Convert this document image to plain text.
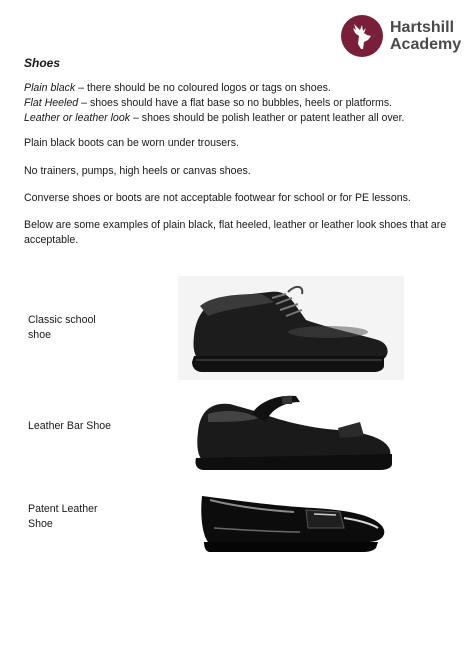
Hartshill
Academy
Shoes
Plain black – there should be no coloured logos or tags on shoes.
Flat Heeled – shoes should have a flat base so no bubbles, heels or platforms.
Leather or leather look – shoes should be polish leather or patent leather all over.
Plain black boots can be worn under trousers.
No trainers, pumps, high heels or canvas shoes.
Converse shoes or boots are not acceptable footwear for school or for PE lessons.
Below are some examples of plain black, flat heeled, leather or leather look shoes that are acceptable.
Classic school
shoe
Leather Bar Shoe
Patent Leather
Shoe
